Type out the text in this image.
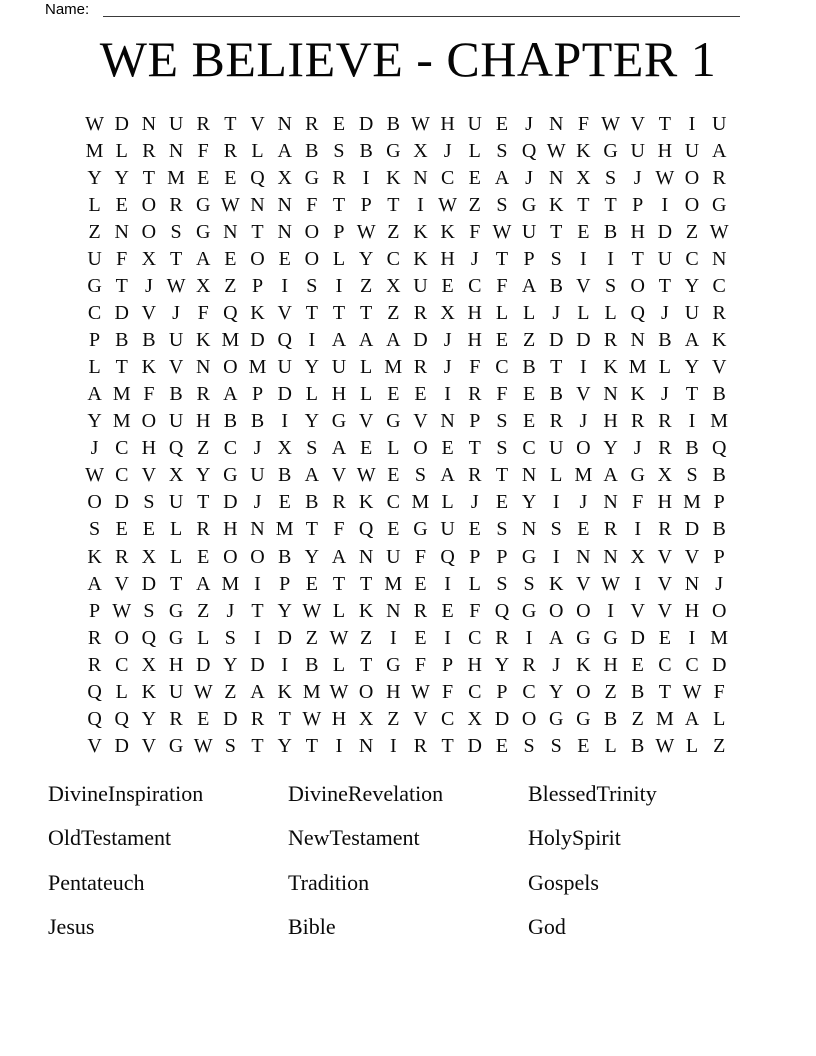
Name:
WE BELIEVE - CHAPTER 1
W D N U R T V N R E D B W H U E J N F W V T I U
M L R N F R L A B S B G X J L S Q W K G U H U A
Y Y T M E E Q X G R I K N C E A J N X S J W O R
L E O R G W N N F T P T I W Z S G K T T P I O G
Z N O S G N T N O P W Z K K F W U T E B H D Z W
U F X T A E O E O L Y C K H J T P S I	I T U C N
G T J W X Z P I S I Z X U E C F A B V S O T Y C
C D V J F Q K V T T T Z R X H L L J L L Q J U R
P B B U K M D Q I A A A D J H E Z D D R N B A K
L T K V N O M U Y U L M R J F C B T I K M L Y V
A M F B R A P D L H L E E I R F E B V N K J T B
Y M O U H B B I Y G V G V N P S E R J H R R I M
J C H Q Z C J X S A E L O E T S C U O Y J R B Q
W C V X Y G U B A V W E S A R T N L M A G X S B
O D S U T D J E B R K C M L J E Y I J N F H M P
S E E L R H N M T F Q E G U E S N S E R I R D B
K R X L E O O B Y A N U F Q P P G I N N X V V P
A V D T A M I P E T T M E I L S S K V W I V N J
P W S G Z J T Y W L K N R E F Q G O O I V V H O
R O Q G L S I D Z W Z I E I C R I A G G D E I M
R C X H D Y D I B L T G F P H Y R J K H E C C D
Q L K U W Z A K M W O H W F C P C Y O Z B T W F
Q Q Y R E D R T W H X Z V C X D O G G B Z M A L
V D V G W S T Y T I N I R T D E S S E L B W L Z
DivineInspiration	DivineRevelation	BlessedTrinity
OldTestament	NewTestament	HolySpirit
Pentateuch	Tradition	Gospels
Jesus	Bible	God
